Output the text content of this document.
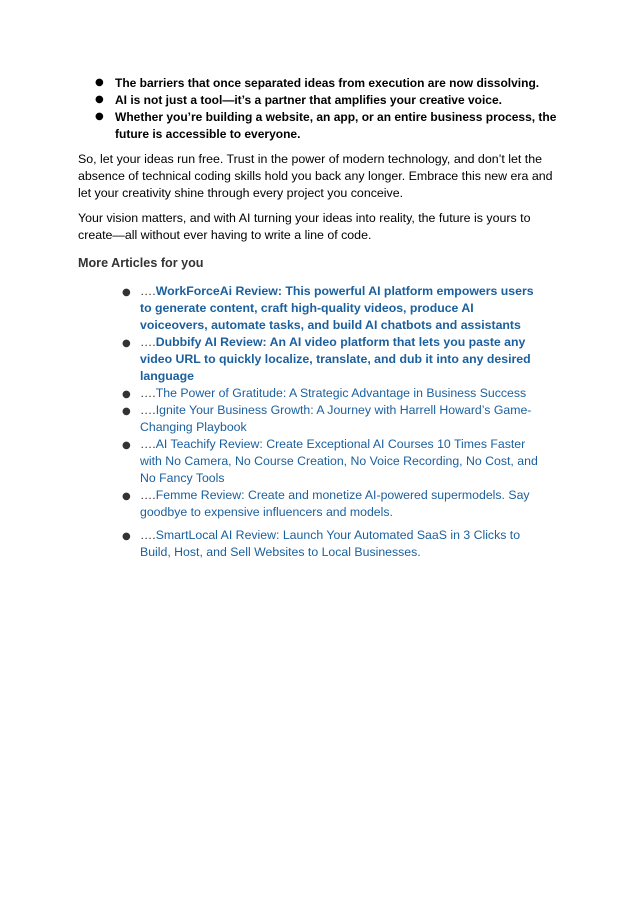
● The barriers that once separated ideas from execution are now dissolving.
● AI is not just a tool—it’s a partner that amplifies your creative voice.
● Whether you’re building a website, an app, or an entire business process, the future is accessible to everyone.

So, let your ideas run free. Trust in the power of modern technology, and don’t let the absence of technical coding skills hold you back any longer. Embrace this new era and let your creativity shine through every project you conceive.

Your vision matters, and with AI turning your ideas into reality, the future is yours to create—all without ever having to write a line of code.

More Articles for you
● ….WorkForceAi Review: This powerful AI platform empowers users to generate content, craft high-quality videos, produce AI voiceovers, automate tasks, and build AI chatbots and assistants
● ….Dubbify AI Review: An AI video platform that lets you paste any video URL to quickly localize, translate, and dub it into any desired language
● ….The Power of Gratitude: A Strategic Advantage in Business Success
● ….Ignite Your Business Growth: A Journey with Harrell Howard’s Game-Changing Playbook
● ….AI Teachify Review: Create Exceptional AI Courses 10 Times Faster with No Camera, No Course Creation, No Voice Recording, No Cost, and No Fancy Tools
● ….Femme Review: Create and monetize AI-powered supermodels. Say goodbye to expensive influencers and models.
● ….SmartLocal AI Review: Launch Your Automated SaaS in 3 Clicks to Build, Host, and Sell Websites to Local Businesses.
